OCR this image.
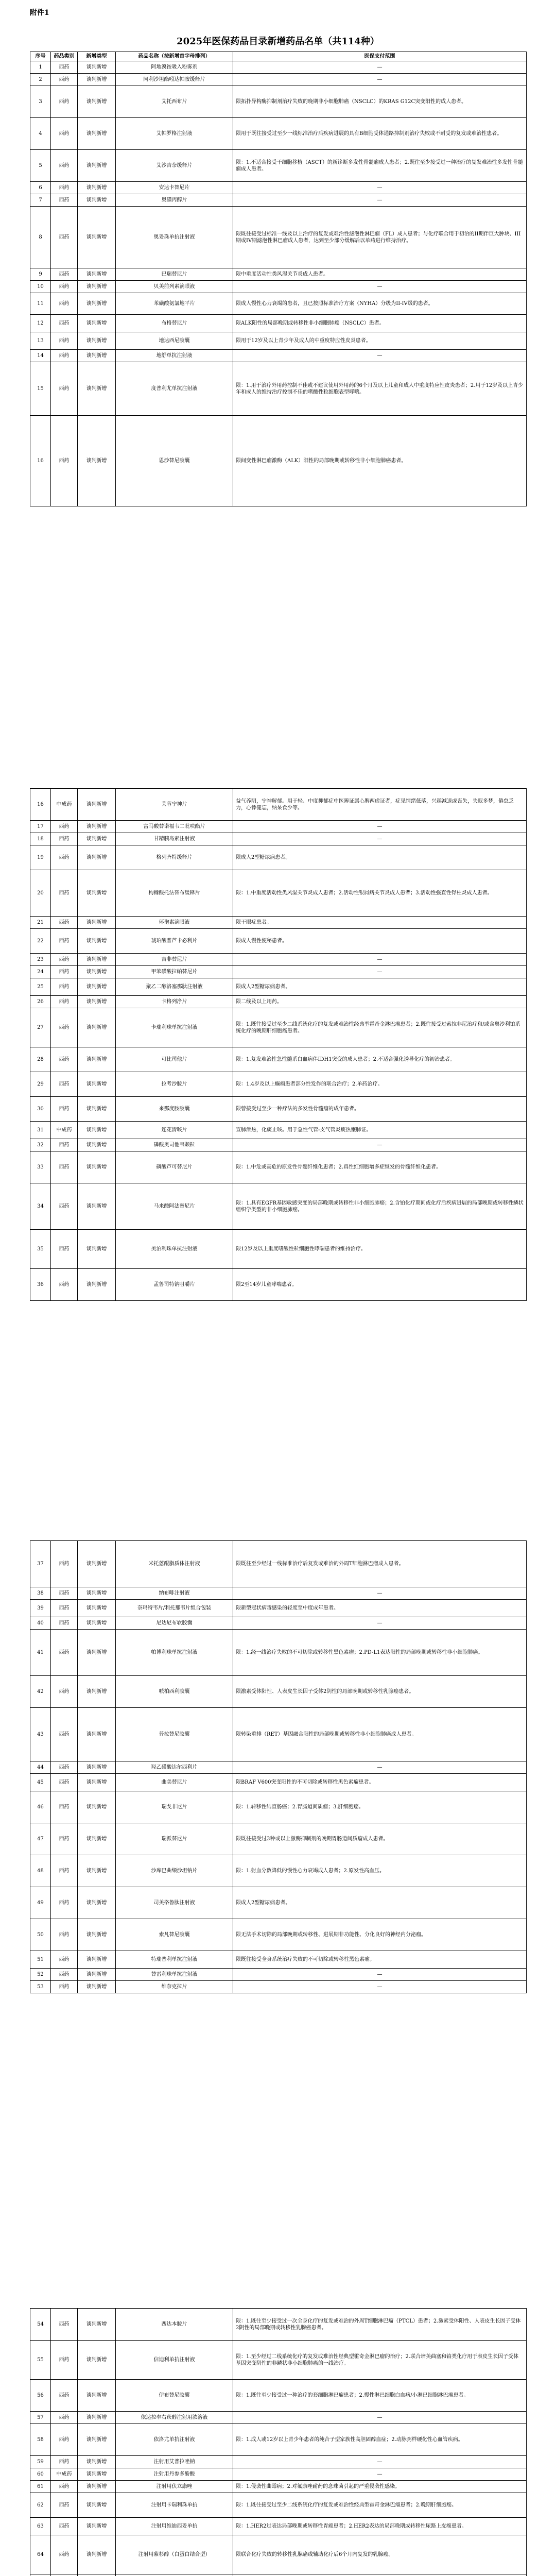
附件1
2025年医保药品目录新增药品名单（共114种）
序号	药品类别	新增类型	药品名称（按新增首字母排列）	医保支付范围
1	西药	谈判新增	阿地溴铵吸入粉雾剂	—
2	西药	谈判新增	阿利沙坦酯吲达帕胺缓释片	—
3	西药	谈判新增	艾托西布片	限拓扑异构酶抑制剂治疗失败的晚期非小细胞肺癌（NSCLC）的KRAS G12C突变阳性的成人患者。
4	西药	谈判新增	艾帕罗格注射液	限用于既往接受过至少一线标准治疗后疾病进展的具有B细胞受体通路抑制剂治疗失败或不耐受的复发或难治性患者。
5	西药	谈判新增	艾沙吉奈缓释片	限：1.不适合接受干细胞移植（ASCT）的新诊断多发性骨髓瘤成人患者；2.既往至少接受过一种治疗的复发难治性多发性骨髓瘤成人患者。
6	西药	谈判新增	安达卡替尼片	—
7	西药	谈判新增	奥磺丙醇片	—
8	西药	谈判新增	奥妥珠单抗注射液	限既往接受过标准一线及以上治疗的复发或难治性滤泡性淋巴瘤（FL）成人患者；与化疗联合用于初治的II期伴巨大肿块、III期或IV期滤泡性淋巴瘤成人患者，达到至少部分缓解后以单药进行维持治疗。
9	西药	谈判新增	巴瑞替尼片	限中重度活动性类风湿关节炎成人患者。
10	西药	谈判新增	贝美前列素滴眼液	—
11	西药	谈判新增	苯磺酸氨氯地平片	限成人慢性心力衰竭的患者，且已按照标准治疗方案（NYHA）分级为II-IV级的患者。
12	西药	谈判新增	布格替尼片	限ALK阳性的局部晚期或转移性非小细胞肺癌（NSCLC）患者。
13	西药	谈判新增	地达西尼胶囊	限用于12岁及以上青少年及成人的中重度特应性皮炎患者。
14	西药	谈判新增	地舒单抗注射液	—
15	西药	谈判新增	度普利尤单抗注射液	限：1.用于治疗外用药控制不佳或不建议使用外用药的6个月及以上儿童和成人中重度特应性皮炎患者；2.用于12岁及以上青少年和成人的维持治疗控制不佳的嗜酸性粒细胞表型哮喘。
16	西药	谈判新增	恩沙替尼胶囊	限间变性淋巴瘤激酶（ALK）阳性的局部晚期或转移性非小细胞肺癌患者。
16	中成药	谈判新增	芙蓉宁神片	益气养阴，宁神解郁。用于轻、中度抑郁症中医辨证属心脾两虚证者，症见情绪低落，兴趣减退或丧失，失眠多梦，倦怠乏力，心悸健忘，纳呆食少等。
17	西药	谈判新增	富马酸替诺福韦二吡呋酯片	—
18	西药	谈判新增	甘精胰岛素注射液	—
19	西药	谈判新增	格列齐特缓释片	限成人2型糖尿病患者。
20	西药	谈判新增	枸橼酸托法替布缓释片	限：1.中重度活动性类风湿关节炎成人患者；2.活动性银屑病关节炎成人患者；3.活动性强直性脊柱炎成人患者。
21	西药	谈判新增	环孢素滴眼液	限干眼症患者。
22	西药	谈判新增	琥珀酸普芦卡必利片	限成人慢性便秘患者。
23	西药	谈判新增	吉非替尼片	—
24	西药	谈判新增	甲苯磺酸拉帕替尼片	—
25	西药	谈判新增	聚乙二醇洛塞那肽注射液	限成人2型糖尿病患者。
26	西药	谈判新增	卡格列净片	限二线及以上用药。
27	西药	谈判新增	卡瑞利珠单抗注射液	限：1.既往接受过至少二线系统化疗的复发或难治性经典型霍奇金淋巴瘤患者；2.既往接受过索拉非尼治疗和/或含奥沙利铂系统化疗的晚期肝细胞癌患者。
28	西药	谈判新增	可比司他片	限：1.复发难治性急性髓系白血病伴IDH1突变的成人患者；2.不适合强化诱导化疗的初治患者。
29	西药	谈判新增	拉考沙胺片	限：1.4岁及以上癫痫患者部分性发作的联合治疗；2.单药治疗。
30	西药	谈判新增	来那度胺胶囊	限曾接受过至少一种疗法的多发性骨髓瘤的成年患者。
31	中成药	谈判新增	连花清咳片	宣肺泄热，化痰止咳。用于急性气管-支气管炎痰热壅肺证。
32	西药	谈判新增	磷酸奥司他韦颗粒	—
33	西药	谈判新增	磷酸芦可替尼片	限：1.中危或高危的原发性骨髓纤维化患者；2.真性红细胞增多症继发的骨髓纤维化患者。
34	西药	谈判新增	马来酸阿法替尼片	限：1.具有EGFR基因敏感突变的局部晚期或转移性非小细胞肺癌；2.含铂化疗期间或化疗后疾病进展的局部晚期或转移性鳞状组织学类型的非小细胞肺癌。
35	西药	谈判新增	美泊利珠单抗注射液	限12岁及以上重度嗜酸性粒细胞性哮喘患者的维持治疗。
36	西药	谈判新增	孟鲁司特钠咀嚼片	限2至14岁儿童哮喘患者。
37	西药	谈判新增	米托蒽醌脂质体注射液	限既往至少经过一线标准治疗后复发或难治的外周T细胞淋巴瘤成人患者。
38	西药	谈判新增	纳布啡注射液	—
39	西药	谈判新增	奈玛特韦片/利托那韦片组合包装	限新型冠状病毒感染的轻度至中度成年患者。
40	西药	谈判新增	尼达尼布软胶囊	—
41	西药	谈判新增	帕博利珠单抗注射液	限：1.经一线治疗失败的不可切除或转移性黑色素瘤；2.PD-L1表达阳性的局部晚期或转移性非小细胞肺癌。
42	西药	谈判新增	哌柏西利胶囊	限激素受体阳性、人表皮生长因子受体2阴性的局部晚期或转移性乳腺癌患者。
43	西药	谈判新增	普拉替尼胶囊	限转染重排（RET）基因融合阳性的局部晚期或转移性非小细胞肺癌成人患者。
44	西药	谈判新增	羟乙磺酸达尔西利片	—
45	西药	谈判新增	曲美替尼片	限BRAF V600突变阳性的不可切除或转移性黑色素瘤患者。
46	西药	谈判新增	瑞戈非尼片	限：1.转移性结直肠癌；2.胃肠道间质瘤；3.肝细胞癌。
47	西药	谈判新增	瑞派替尼片	限既往接受过3种或以上激酶抑制剂的晚期胃肠道间质瘤成人患者。
48	西药	谈判新增	沙库巴曲缬沙坦钠片	限：1.射血分数降低的慢性心力衰竭成人患者；2.原发性高血压。
49	西药	谈判新增	司美格鲁肽注射液	限成人2型糖尿病患者。
50	西药	谈判新增	索凡替尼胶囊	限无法手术切除的局部晚期或转移性、进展期非功能性、分化良好的神经内分泌瘤。
51	西药	谈判新增	特瑞普利单抗注射液	限既往接受全身系统治疗失败的不可切除或转移性黑色素瘤。
52	西药	谈判新增	替雷利珠单抗注射液	—
53	西药	谈判新增	维奈克拉片	—
54	西药	谈判新增	西达本胺片	限：1.既往至少接受过一次全身化疗的复发或难治的外周T细胞淋巴瘤（PTCL）患者；2.激素受体阳性、人表皮生长因子受体2阴性的局部晚期或转移性乳腺癌患者。
55	西药	谈判新增	信迪利单抗注射液	限：1.至少经过二线系统化疗的复发或难治性经典型霍奇金淋巴瘤的治疗；2.联合培美曲塞和铂类化疗用于表皮生长因子受体基因突变阴性的非鳞状非小细胞肺癌的一线治疗。
56	西药	谈判新增	伊布替尼胶囊	限：1.既往至少接受过一种治疗的套细胞淋巴瘤患者；2.慢性淋巴细胞白血病/小淋巴细胞淋巴瘤患者。
57	西药	谈判新增	依达拉奉右莰醇注射用浓溶液	—
58	西药	谈判新增	依洛尤单抗注射液	限：1.成人或12岁以上青少年患者的纯合子型家族性高胆固醇血症；2.动脉粥样硬化性心血管疾病。
59	西药	谈判新增	注射用艾普拉唑钠	—
60	中成药	谈判新增	注射用丹参多酚酸	—
61	西药	谈判新增	注射用伏立康唑	限：1.侵袭性曲霉病；2.对氟康唑耐药的念珠菌引起的严重侵袭性感染。
62	西药	谈判新增	注射用卡瑞利珠单抗	限：1.既往接受过至少二线系统化疗的复发或难治性经典型霍奇金淋巴瘤患者；2.晚期肝细胞癌。
63	西药	谈判新增	注射用维迪西妥单抗	限：1.HER2过表达局部晚期或转移性胃癌患者；2.HER2表达的局部晚期或转移性尿路上皮癌患者。
64	西药	谈判新增	注射用紫杉醇（白蛋白结合型）	限联合化疗失败的转移性乳腺癌或辅助化疗后6个月内复发的乳腺癌。
